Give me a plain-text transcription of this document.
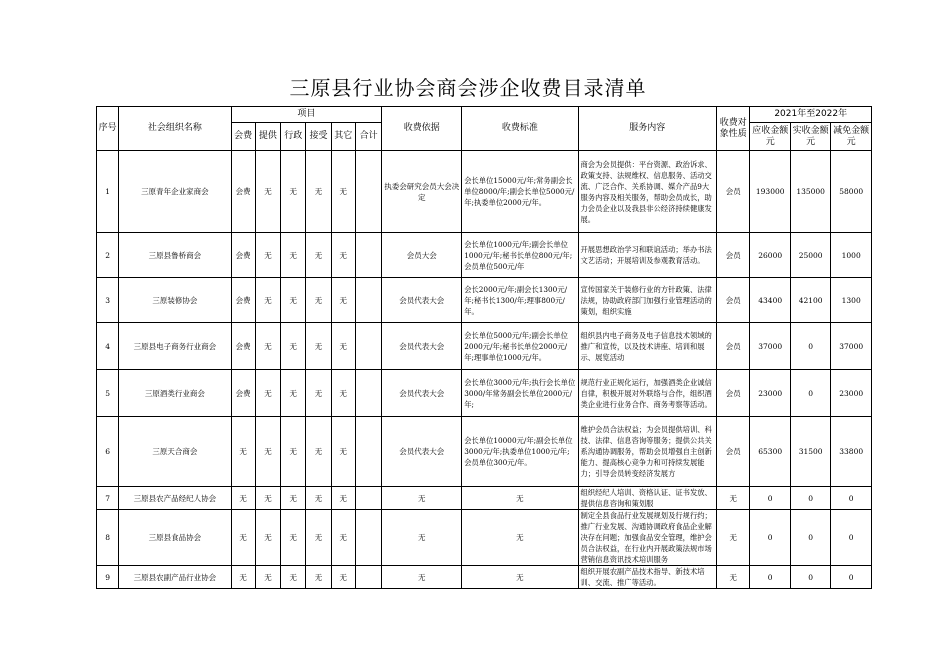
三原县行业协会商会涉企收费目录清单
序号	社会组织名称	项目						收费依据	收费标准	服务内容	收费对象性质	2021年至2022年		
		会费	提供	行政	接受	其它	合计					应收金额元	实收金额元	减免金额元
1	三原青年企业家商会	会费	无	无	无	无		执委会研究会员大会决定	会长单位15000元/年;常务副会长单位8000/年;副会长单位5000元/年;执委单位2000元/年。	商会为会员提供：平台资源、政治诉求、政策支持、法规维权、信息服务、活动交流、广泛合作、关系协调、媒介产品9大服务内容及相关服务，帮助会员成长，助力会员企业以及我县非公经济持续健康发展。	会员	193000	135000	58000
2	三原县鲁桥商会	会费	无	无	无	无		会员大会	会长单位1000元/年;副会长单位1000元/年;秘书长单位800元/年;会员单位500元/年	开展思想政治学习和联谊活动；举办书法文艺活动；开展培训及参观教育活动。	会员	26000	25000	1000
3	三原装修协会	会费	无	无	无	无		会员代表大会	会长2000元/年;副会长1300元/年;秘书长1300/年;理事800元/年。	宣传国家关于装修行业的方针政策、法律法规，协助政府部门加强行业管理活动的策划，组织实施	会员	43400	42100	1300
4	三原县电子商务行业商会	会费	无	无	无	无		会员代表大会	会长单位5000元/年;副会长单位2000元/年;秘书长单位2000元/年;理事单位1000元/年。	组织县内电子商务及电子信息技术领域的推广和宣传，以及技术讲座、培训和展示、展览活动	会员	37000	0	37000
5	三原酒类行业商会	会费	无	无	无	无		会员代表大会	会长单位3000元/年;执行会长单位3000/年常务副会长单位2000元/年;	规范行业正规化运行，加强酒类企业诚信自律，积极开展对外联络与合作，组织酒类企业进行业务合作、商务考察等活动。	会员	23000	0	23000
6	三原天合商会	无	无	无	无	无		会员代表大会	会长单位10000元/年;副会长单位3000元/年;执委单位1000元/年;会员单位300元/年。	维护会员合法权益；为会员提供培训、科技、法律、信息咨询等服务；提供公共关系沟通协调服务，帮助会员增强自主创新能力、提高核心竞争力和可持续发展能力；引导会员转变经济发展方	会员	65300	31500	33800
7	三原县农产品经纪人协会	无	无	无	无	无		无	无	组织经纪人培训、资格认证、证书发放、提供信息咨询和策划服	无	0	0	0
8	三原县食品协会	无	无	无	无	无		无	无	制定全县食品行业发展规划及行规行约；推广行业发展、沟通协调政府食品企业解决存在问题；加强食品安全管理，维护会员合法权益，在行业内开展政策法规市场营销信息资讯技术培训服务	无	0	0	0
9	三原县农副产品行业协会	无	无	无	无	无		无	无	组织开展农副产品技术指导、新技术培训、交流、推广等活动。	无	0	0	0
